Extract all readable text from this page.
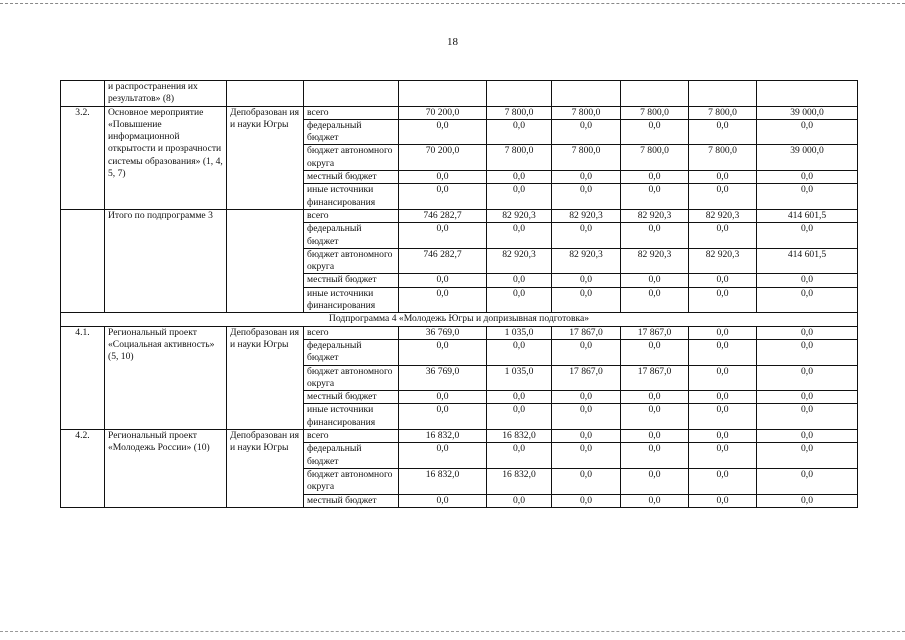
18
	и распространения их результатов» (8)								
3.2.	Основное мероприятие «Повышение информационной открытости и прозрачности системы образования» (1, 4, 5, 7)	Депобразован ия и науки Югры	всего	70 200,0	7 800,0	7 800,0	7 800,0	7 800,0	39 000,0
			федеральный бюджет	0,0	0,0	0,0	0,0	0,0	0,0
			бюджет автономного округа	70 200,0	7 800,0	7 800,0	7 800,0	7 800,0	39 000,0
			местный бюджет	0,0	0,0	0,0	0,0	0,0	0,0
			иные источники финансирования	0,0	0,0	0,0	0,0	0,0	0,0
	Итого по подпрограмме 3		всего	746 282,7	82 920,3	82 920,3	82 920,3	82 920,3	414 601,5
			федеральный бюджет	0,0	0,0	0,0	0,0	0,0	0,0
			бюджет автономного округа	746 282,7	82 920,3	82 920,3	82 920,3	82 920,3	414 601,5
			местный бюджет	0,0	0,0	0,0	0,0	0,0	0,0
			иные источники финансирования	0,0	0,0	0,0	0,0	0,0	0,0
Подпрограмма 4 «Молодежь Югры и допризывная подготовка»									
4.1.	Региональный проект «Социальная активность» (5, 10)	Депобразован ия и науки Югры	всего	36 769,0	1 035,0	17 867,0	17 867,0	0,0	0,0
			федеральный бюджет	0,0	0,0	0,0	0,0	0,0	0,0
			бюджет автономного округа	36 769,0	1 035,0	17 867,0	17 867,0	0,0	0,0
			местный бюджет	0,0	0,0	0,0	0,0	0,0	0,0
			иные источники финансирования	0,0	0,0	0,0	0,0	0,0	0,0
4.2.	Региональный проект «Молодежь России» (10)	Депобразован ия и науки Югры	всего	16 832,0	16 832,0	0,0	0,0	0,0	0,0
			федеральный бюджет	0,0	0,0	0,0	0,0	0,0	0,0
			бюджет автономного округа	16 832,0	16 832,0	0,0	0,0	0,0	0,0
			местный бюджет	0,0	0,0	0,0	0,0	0,0	0,0
